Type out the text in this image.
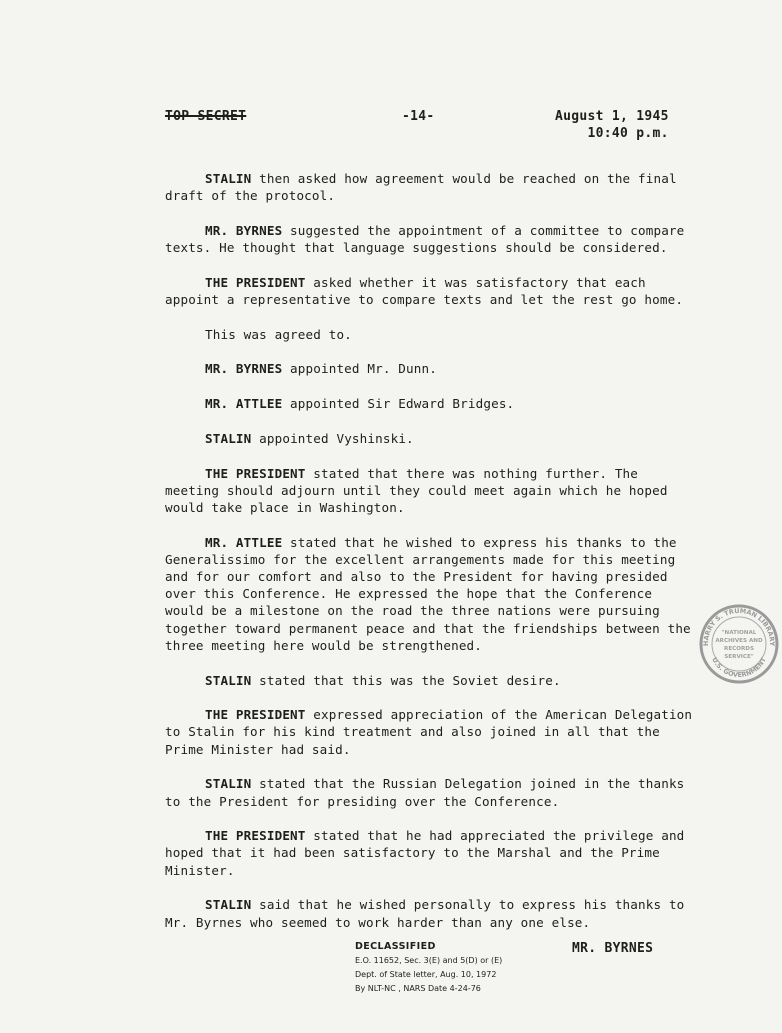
TOP SECRET	-14-	August 1, 1945
10:40 p.m.

STALIN then asked how agreement would be reached on the final draft of the protocol.

MR. BYRNES suggested the appointment of a committee to compare texts. He thought that language suggestions should be considered.

THE PRESIDENT asked whether it was satisfactory that each appoint a representative to compare texts and let the rest go home.

This was agreed to.

MR. BYRNES appointed Mr. Dunn.

MR. ATTLEE appointed Sir Edward Bridges.

STALIN appointed Vyshinski.

THE PRESIDENT stated that there was nothing further. The meeting should adjourn until they could meet again which he hoped would take place in Washington.

MR. ATTLEE stated that he wished to express his thanks to the Generalissimo for the excellent arrangements made for this meeting and for our comfort and also to the President for having presided over this Conference. He expressed the hope that the Conference would be a milestone on the road the three nations were pursuing together toward permanent peace and that the friendships between the three meeting here would be strengthened.

STALIN stated that this was the Soviet desire.

THE PRESIDENT expressed appreciation of the American Delegation to Stalin for his kind treatment and also joined in all that the Prime Minister had said.

STALIN stated that the Russian Delegation joined in the thanks to the President for presiding over the Conference.

THE PRESIDENT stated that he had appreciated the privilege and hoped that it had been satisfactory to the Marshal and the Prime Minister.

STALIN said that he wished personally to express his thanks to Mr. Byrnes who seemed to work harder than any one else.

HARRY S. TRUMAN LIBRARY
U.S. GOVERNMENT
"NATIONAL
ARCHIVES AND
RECORDS
SERVICE"
DECLASSIFIED
E.O. 11652, Sec. 3(E) and 5(D) or (E)
Dept. of State letter, Aug. 10, 1972
By NLT-NC , NARS Date 4-24-76
MR. BYRNES
